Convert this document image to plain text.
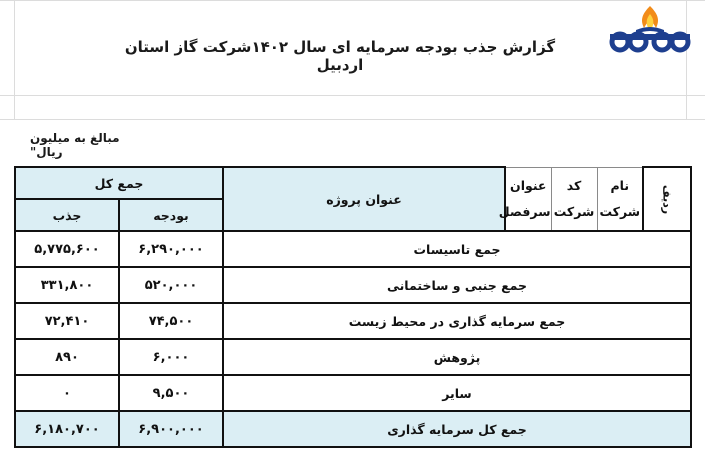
گزارش جذب بودجه سرمایه ای سال ۱۴۰۲شرکت گاز استان اردبیل
مبالغ به میلیون ریال"
جمع کل		عنوان پروژه	عنوان سرفصل	کد شرکت	نام شرکت	ردیف

جذب	بودجه					
۵,۷۷۵,۶۰۰	۶,۲۹۰,۰۰۰	جمع تاسیسات				
۳۳۱,۸۰۰	۵۲۰,۰۰۰	جمع جنبی و ساختمانی				
۷۲,۴۱۰	۷۴,۵۰۰	جمع سرمایه گذاری در محیط زیست				
۸۹۰	۶,۰۰۰	پژوهش				
۰	۹,۵۰۰	سایر				
۶,۱۸۰,۷۰۰	۶,۹۰۰,۰۰۰	جمع کل سرمایه گذاری				
